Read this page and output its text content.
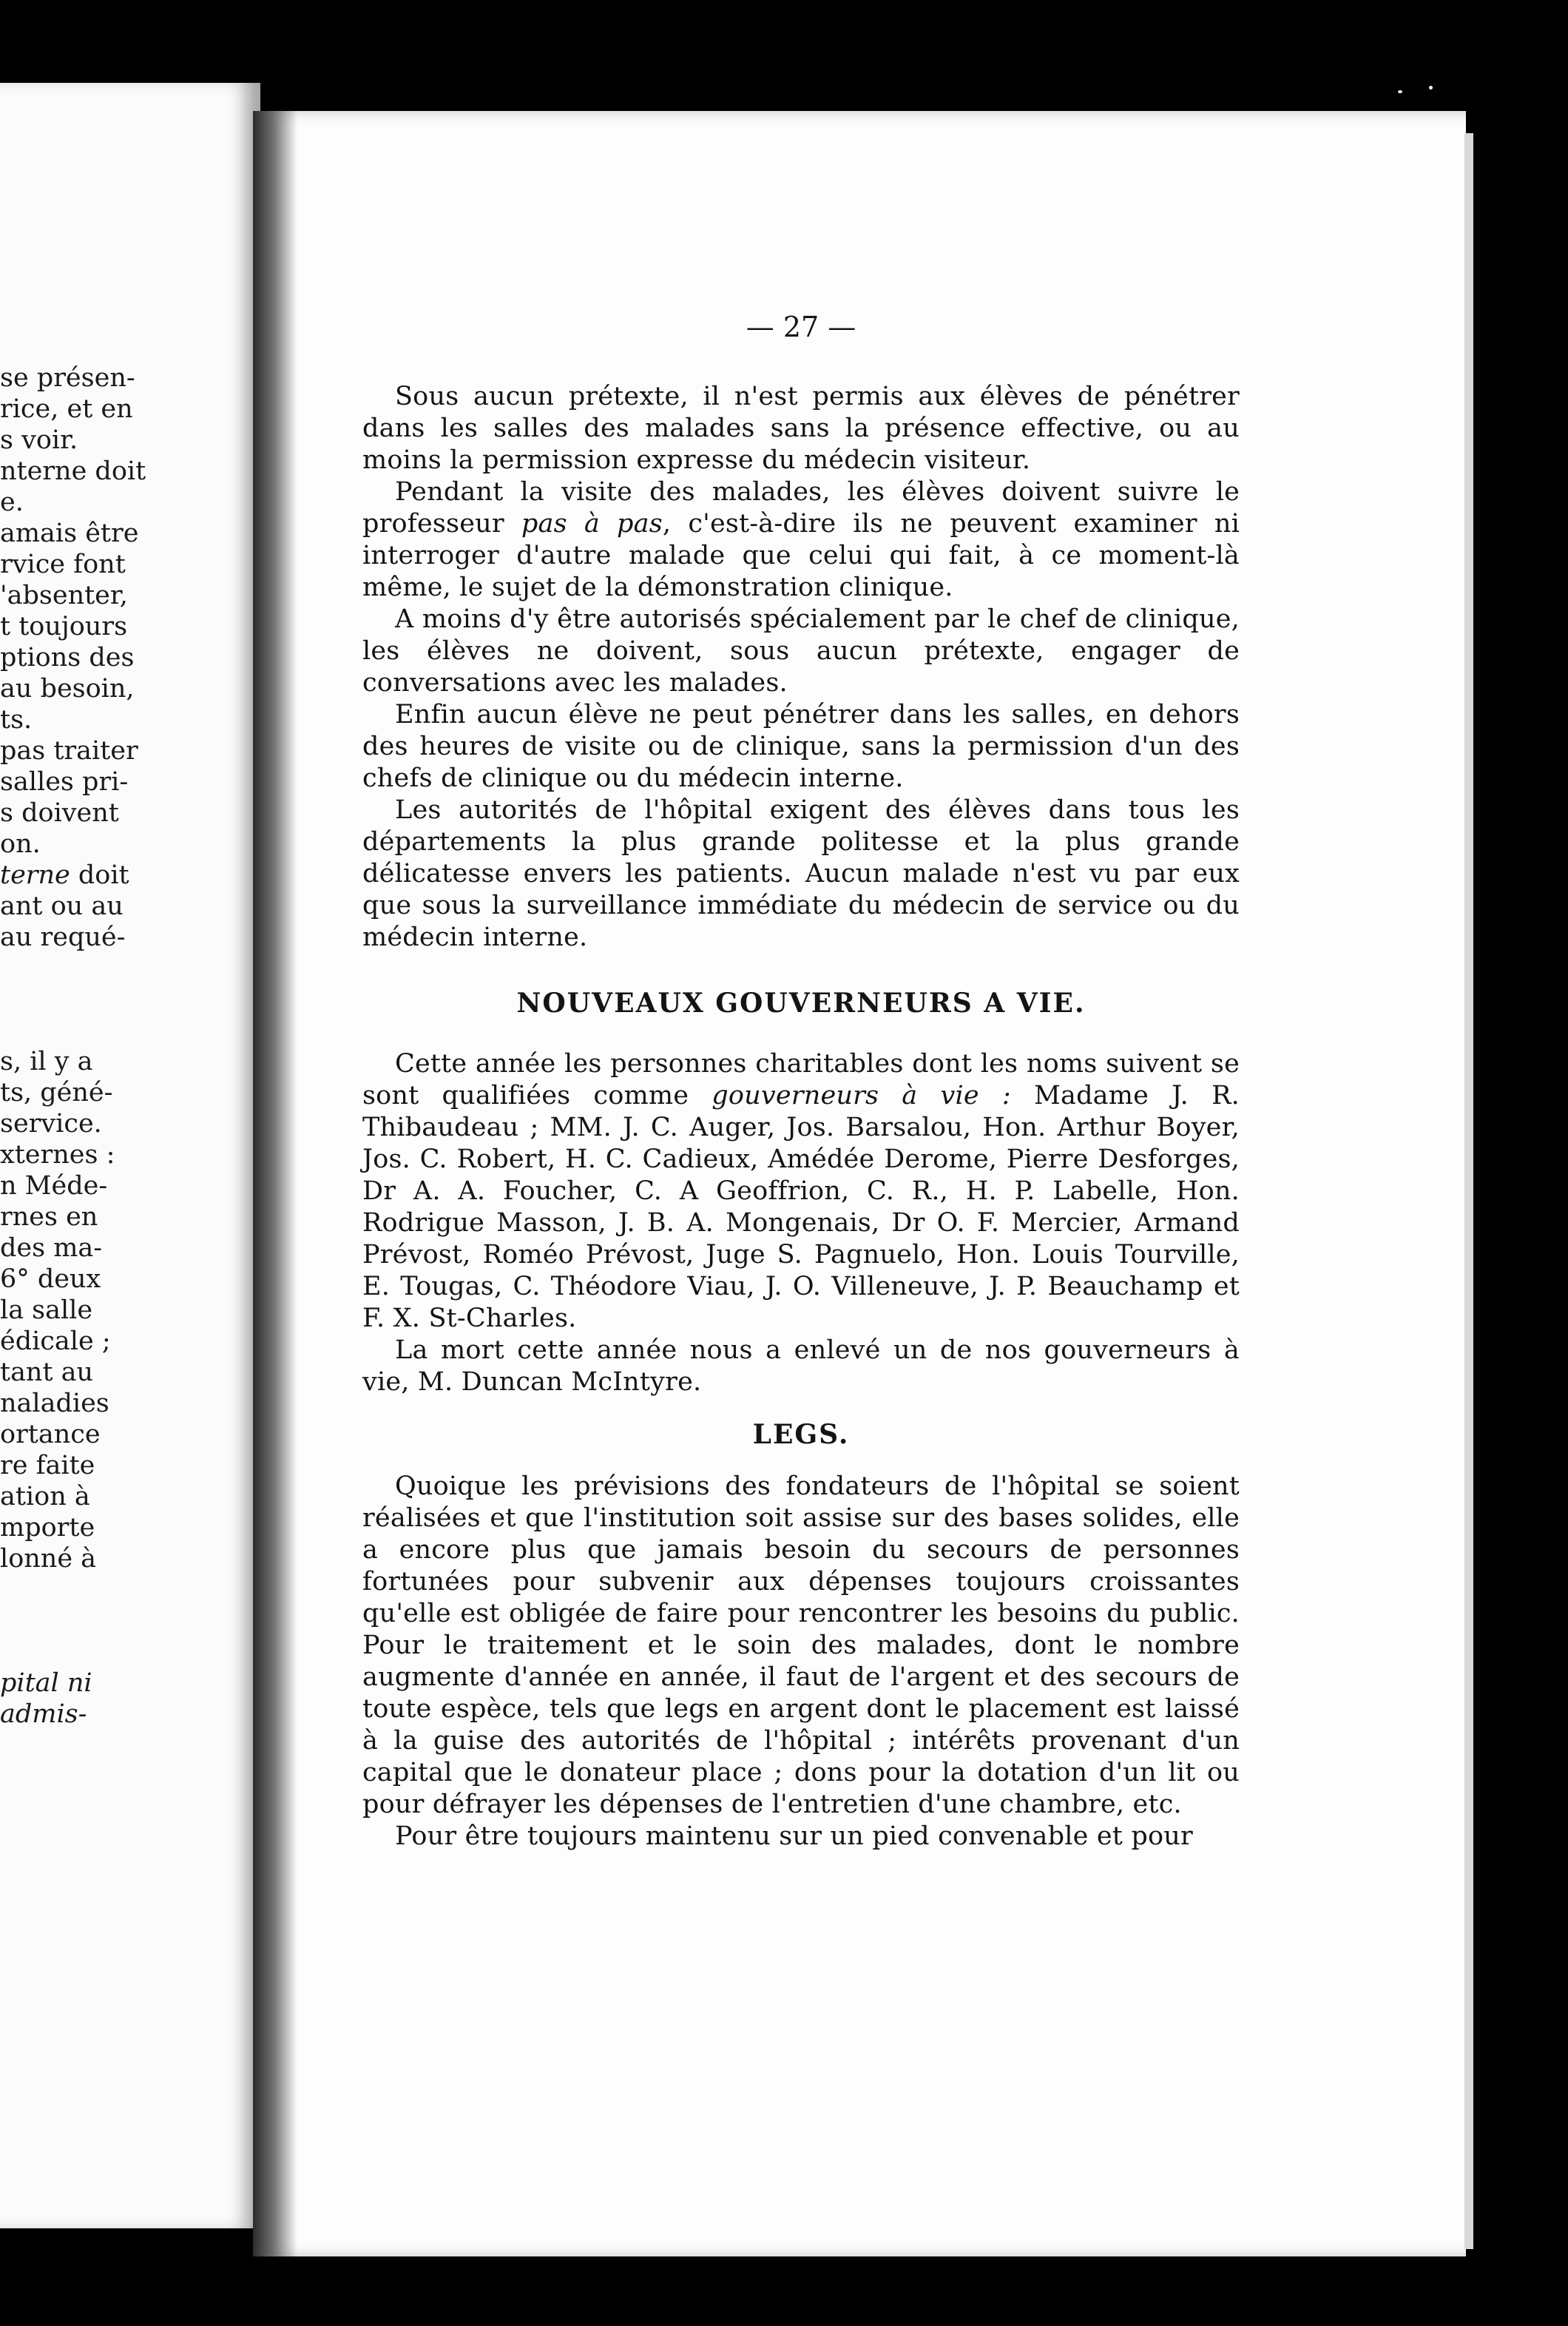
se présen-
rice, et en
s voir.
nterne doit
e.
amais être
rvice font
'absenter,
t toujours
ptions des
au besoin,
ts.
pas traiter
salles pri-
s doivent
on.
terne doit
ant ou au
au requé-
s, il y a
ts, géné-
service.
xternes :
n Méde-
rnes en
des ma-
6° deux
la salle
édicale ;
tant au
naladies
ortance
re faite
ation à
mporte
lonné à
pital ni
admis-
— 27 —

Sous aucun prétexte, il n'est permis aux élèves de pénétrer dans les salles des malades sans la présence effective, ou au moins la permission expresse du médecin visiteur.

Pendant la visite des malades, les élèves doivent suivre le professeur pas à pas, c'est-à-dire ils ne peuvent examiner ni interroger d'autre malade que celui qui fait, à ce moment-là même, le sujet de la démonstration clinique.

A moins d'y être autorisés spécialement par le chef de clinique, les élèves ne doivent, sous aucun prétexte, engager de conversations avec les malades.

Enfin aucun élève ne peut pénétrer dans les salles, en dehors des heures de visite ou de clinique, sans la permission d'un des chefs de clinique ou du médecin interne.

Les autorités de l'hôpital exigent des élèves dans tous les départements la plus grande politesse et la plus grande délicatesse envers les patients. Aucun malade n'est vu par eux que sous la surveillance immédiate du médecin de service ou du médecin interne.

NOUVEAUX GOUVERNEURS A VIE.

Cette année les personnes charitables dont les noms suivent se sont qualifiées comme gouverneurs à vie : Madame J. R. Thibaudeau ; MM. J. C. Auger, Jos. Barsalou, Hon. Arthur Boyer, Jos. C. Robert, H. C. Cadieux, Amédée Derome, Pierre Desforges, Dr A. A. Foucher, C. A Geoffrion, C. R., H. P. Labelle, Hon. Rodrigue Masson, J. B. A. Mongenais, Dr O. F. Mercier, Armand Prévost, Roméo Prévost, Juge S. Pagnuelo, Hon. Louis Tourville, E. Tougas, C. Théodore Viau, J. O. Villeneuve, J. P. Beauchamp et F. X. St-Charles.

La mort cette année nous a enlevé un de nos gouverneurs à vie, M. Duncan McIntyre.

LEGS.

Quoique les prévisions des fondateurs de l'hôpital se soient réalisées et que l'institution soit assise sur des bases solides, elle a encore plus que jamais besoin du secours de personnes fortunées pour subvenir aux dépenses toujours croissantes qu'elle est obligée de faire pour rencontrer les besoins du public. Pour le traitement et le soin des malades, dont le nombre augmente d'année en année, il faut de l'argent et des secours de toute espèce, tels que legs en argent dont le placement est laissé à la guise des autorités de l'hôpital ; intérêts provenant d'un capital que le donateur place ; dons pour la dotation d'un lit ou pour défrayer les dépenses de l'entretien d'une chambre, etc.

Pour être toujours maintenu sur un pied convenable et pour
